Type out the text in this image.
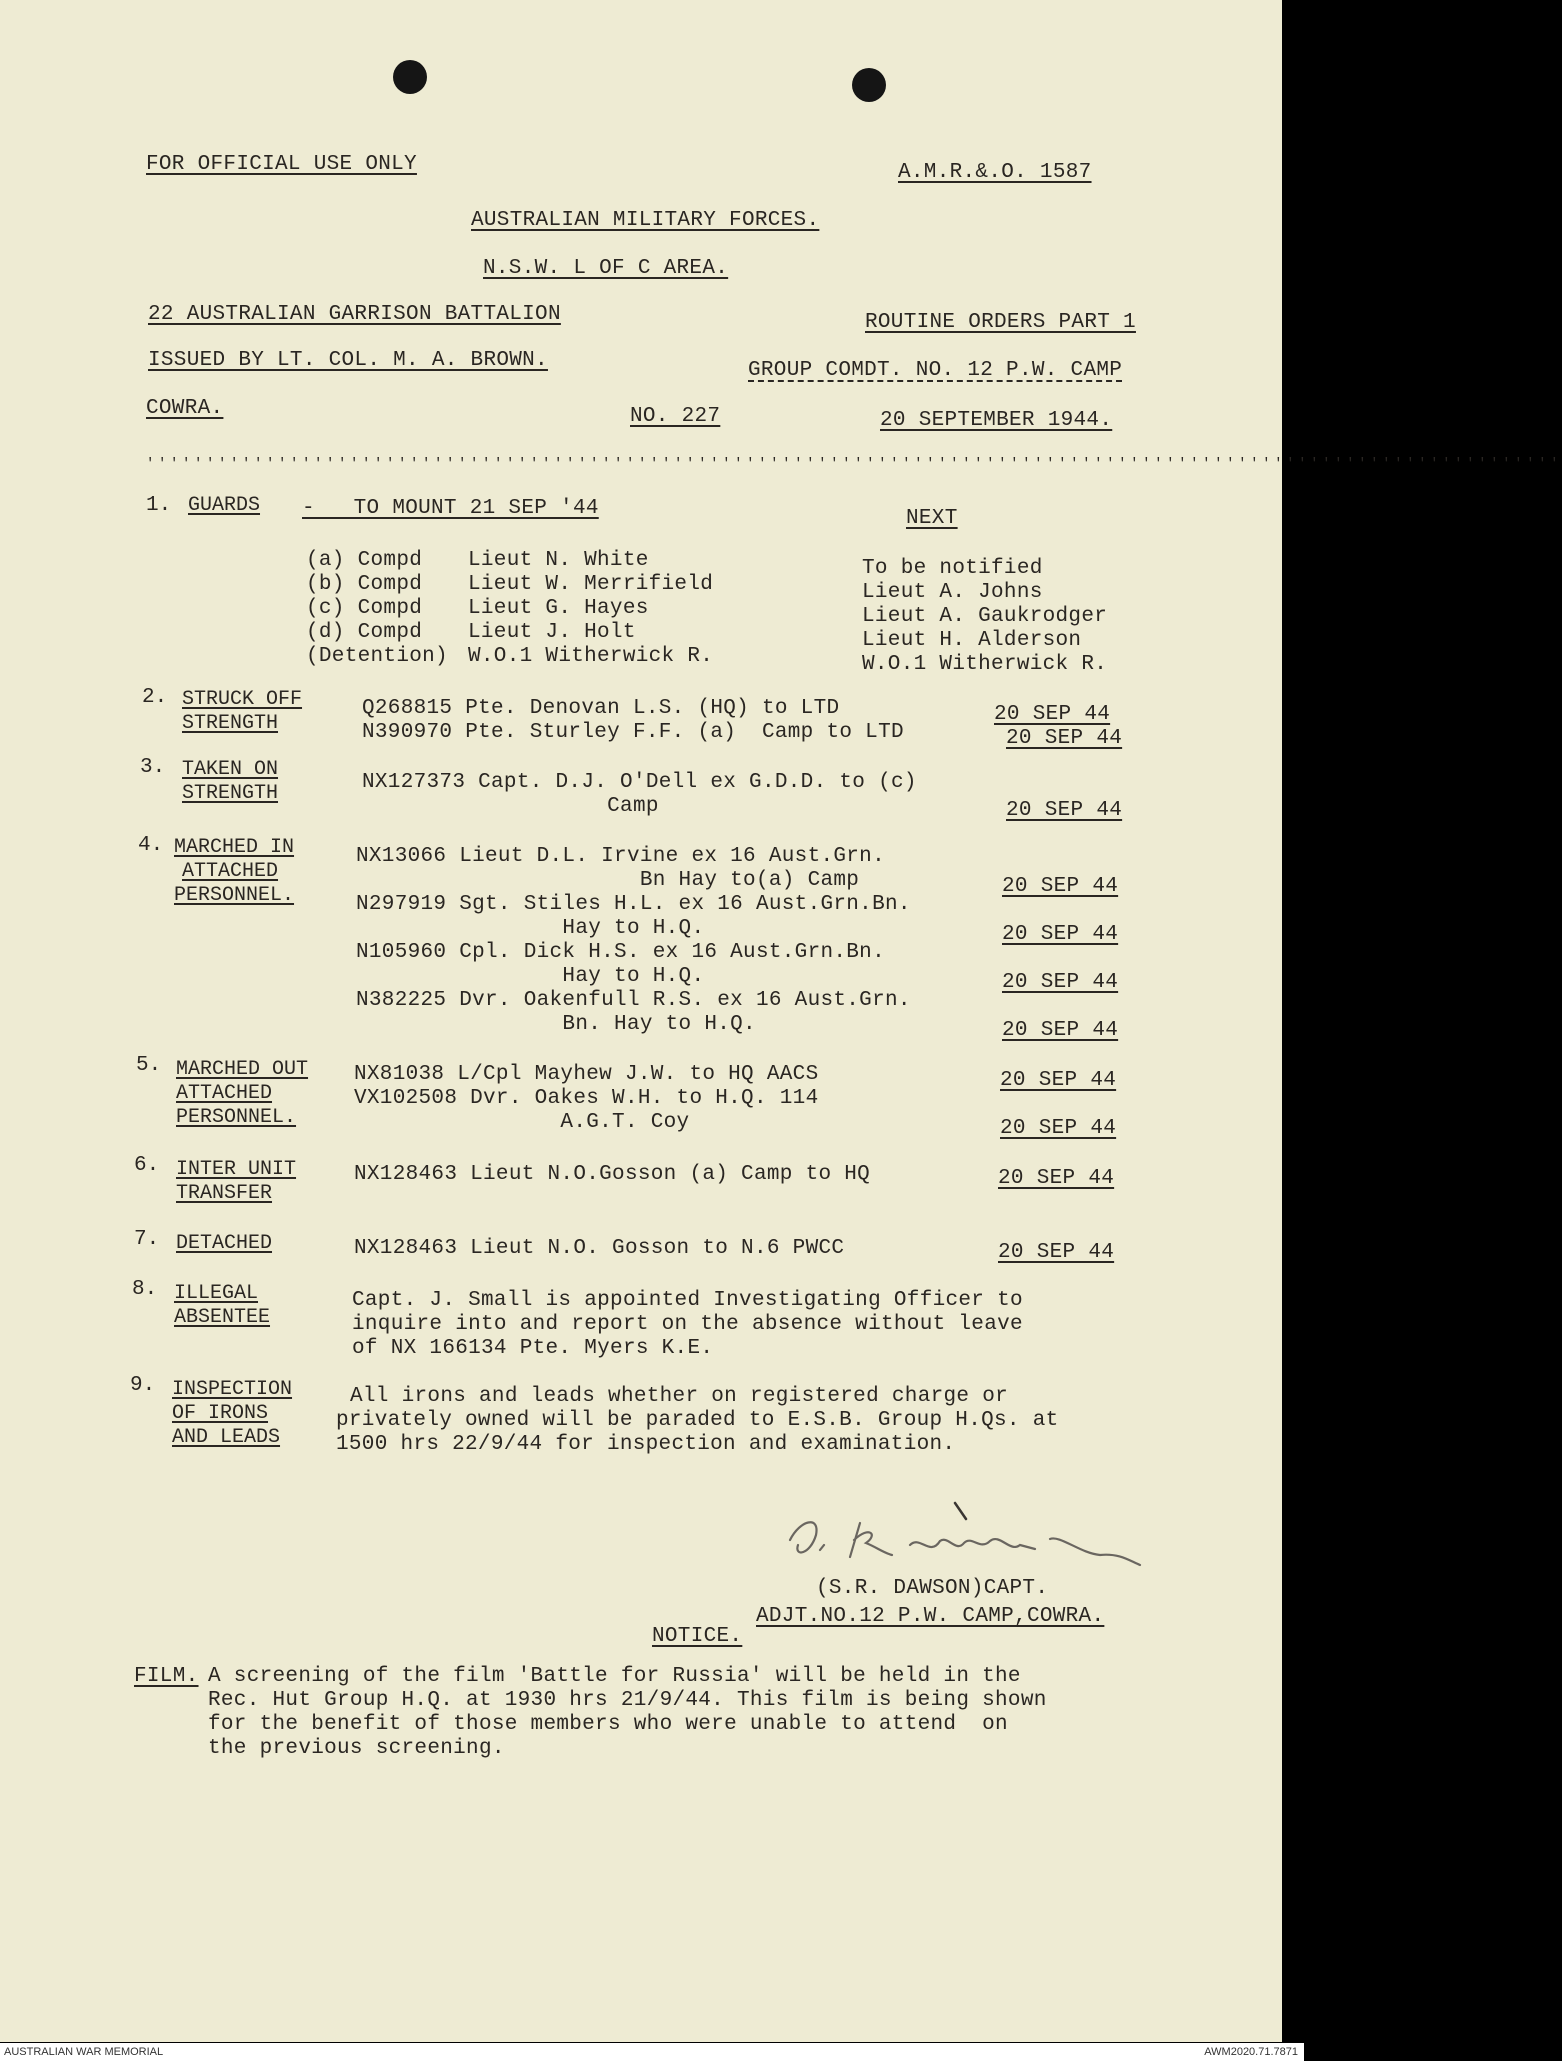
FOR OFFICIAL USE ONLY	A.M.R.&.O. 1587
AUSTRALIAN MILITARY FORCES.
N.S.W. L OF C AREA.
22 AUSTRALIAN GARRISON BATTALION	ROUTINE ORDERS PART 1
ISSUED BY LT. COL. M. A. BROWN.	GROUP COMDT. NO. 12 P.W. CAMP
COWRA.	NO. 227	20 SEPTEMBER 1944.
''''''''''''''''''''''''''''''''''''''''''''''''''''''''''''''''''''''''''''''''''''''''''''''''''''''''''''''''''''''
1. GUARDS -   TO MOUNT 21 SEP '44	NEXT
(a) Compd Lieut N. White	To be notified
(b) Compd Lieut W. Merrifield	Lieut A. Johns
(c) Compd Lieut G. Hayes	Lieut A. Gaukrodger
(d) Compd Lieut J. Holt	Lieut H. Alderson
(Detention) W.O.1 Witherwick R.	W.O.1 Witherwick R.
2. STRUCK OFF
STRENGTH
Q268815 Pte. Denovan L.S. (HQ) to LTD	20 SEP 44
N390970 Pte. Sturley F.F. (a)  Camp to LTD	20 SEP 44
3. TAKEN ON
STRENGTH	NX127373 Capt. D.J. O'Dell ex G.D.D. to (c)
Camp	20 SEP 44
4. MARCHED IN
ATTACHED
PERSONNEL.
NX13066 Lieut D.L. Irvine ex 16 Aust.Grn.
Bn Hay to(a) Camp	20 SEP 44
N297919 Sgt. Stiles H.L. ex 16 Aust.Grn.Bn.
Hay to H.Q.	20 SEP 44
N105960 Cpl. Dick H.S. ex 16 Aust.Grn.Bn.
Hay to H.Q.	20 SEP 44
N382225 Dvr. Oakenfull R.S. ex 16 Aust.Grn.
Bn. Hay to H.Q.	20 SEP 44
5. MARCHED OUT
ATTACHED
PERSONNEL.
NX81038 L/Cpl Mayhew J.W. to HQ AACS	20 SEP 44
VX102508 Dvr. Oakes W.H. to H.Q. 114
A.G.T. Coy	20 SEP 44
6. INTER UNIT
TRANSFER
NX128463 Lieut N.O.Gosson (a) Camp to HQ	20 SEP 44
7. DETACHED	NX128463 Lieut N.O. Gosson to N.6 PWCC	20 SEP 44
8. ILLEGAL
ABSENTEE
Capt. J. Small is appointed Investigating Officer to
inquire into and report on the absence without leave
of NX 166134 Pte. Myers K.E.
9. INSPECTION
OF IRONS
AND LEADS
All irons and leads whether on registered charge or
privately owned will be paraded to E.S.B. Group H.Qs. at
1500 hrs 22/9/44 for inspection and examination.
(S.R. DAWSON)CAPT.
ADJT.NO.12 P.W. CAMP,COWRA.
NOTICE.
FILM. A screening of the film 'Battle for Russia' will be held in the
Rec. Hut Group H.Q. at 1930 hrs 21/9/44. This film is being shown
for the benefit of those members who were unable to attend  on
the previous screening.
AUSTRALIAN WAR MEMORIAL	AWM2020.71.7871
